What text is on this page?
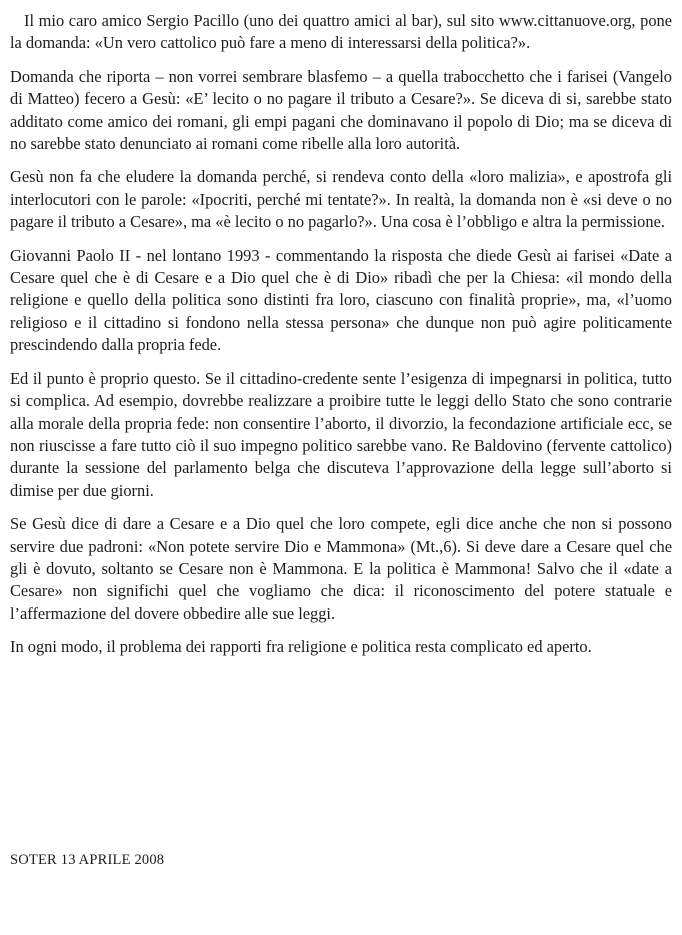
Il mio caro amico Sergio Pacillo (uno dei quattro amici al bar), sul sito www.cittanuove.org, pone la domanda: «Un vero cattolico può fare a meno di interessarsi della politica?».

Domanda che riporta – non vorrei sembrare blasfemo – a quella trabocchetto che i farisei (Vangelo di Matteo) fecero a Gesù: «E’ lecito o no pagare il tributo a Cesare?». Se diceva di si, sarebbe stato additato come amico dei romani, gli empi pagani che dominavano il popolo di Dio; ma se diceva di no sarebbe stato denunciato ai romani come ribelle alla loro autorità.

Gesù non fa che eludere la domanda perché, si rendeva conto della «loro malizia», e apostrofa gli interlocutori con le parole: «Ipocriti, perché mi tentate?». In realtà, la domanda non è «si deve o no pagare il tributo a Cesare», ma «è lecito o no pagarlo?». Una cosa è l’obbligo e altra la permissione.

Giovanni Paolo II - nel lontano 1993 - commentando la risposta che diede Gesù ai farisei «Date a Cesare quel che è di Cesare e a Dio quel che è di Dio» ribadì che per la Chiesa: «il mondo della religione e quello della politica sono distinti fra loro, ciascuno con finalità proprie», ma, «l’uomo religioso e il cittadino si fondono nella stessa persona» che dunque non può agire politicamente prescindendo dalla propria fede.

Ed il punto è proprio questo. Se il cittadino-credente sente l’esigenza di impegnarsi in politica, tutto si complica. Ad esempio, dovrebbe realizzare a proibire tutte le leggi dello Stato che sono contrarie alla morale della propria fede: non consentire l’aborto, il divorzio, la fecondazione artificiale ecc, se non riuscisse a fare tutto ciò il suo impegno politico sarebbe vano. Re Baldovino (fervente cattolico) durante la sessione del parlamento belga che discuteva l’approvazione della legge sull’aborto si dimise per due giorni.

Se Gesù dice di dare a Cesare e a Dio quel che loro compete, egli dice anche che non si possono servire due padroni: «Non potete servire Dio e Mammona» (Mt.,6). Si deve dare a Cesare quel che gli è dovuto, soltanto se Cesare non è Mammona. E la politica è Mammona! Salvo che il «date a Cesare» non significhi quel che vogliamo che dica: il riconoscimento del potere statuale e l’affermazione del dovere obbedire alle sue leggi.

In ogni modo, il problema dei rapporti fra religione e politica resta complicato ed aperto.

SOTER 13 APRILE 2008
